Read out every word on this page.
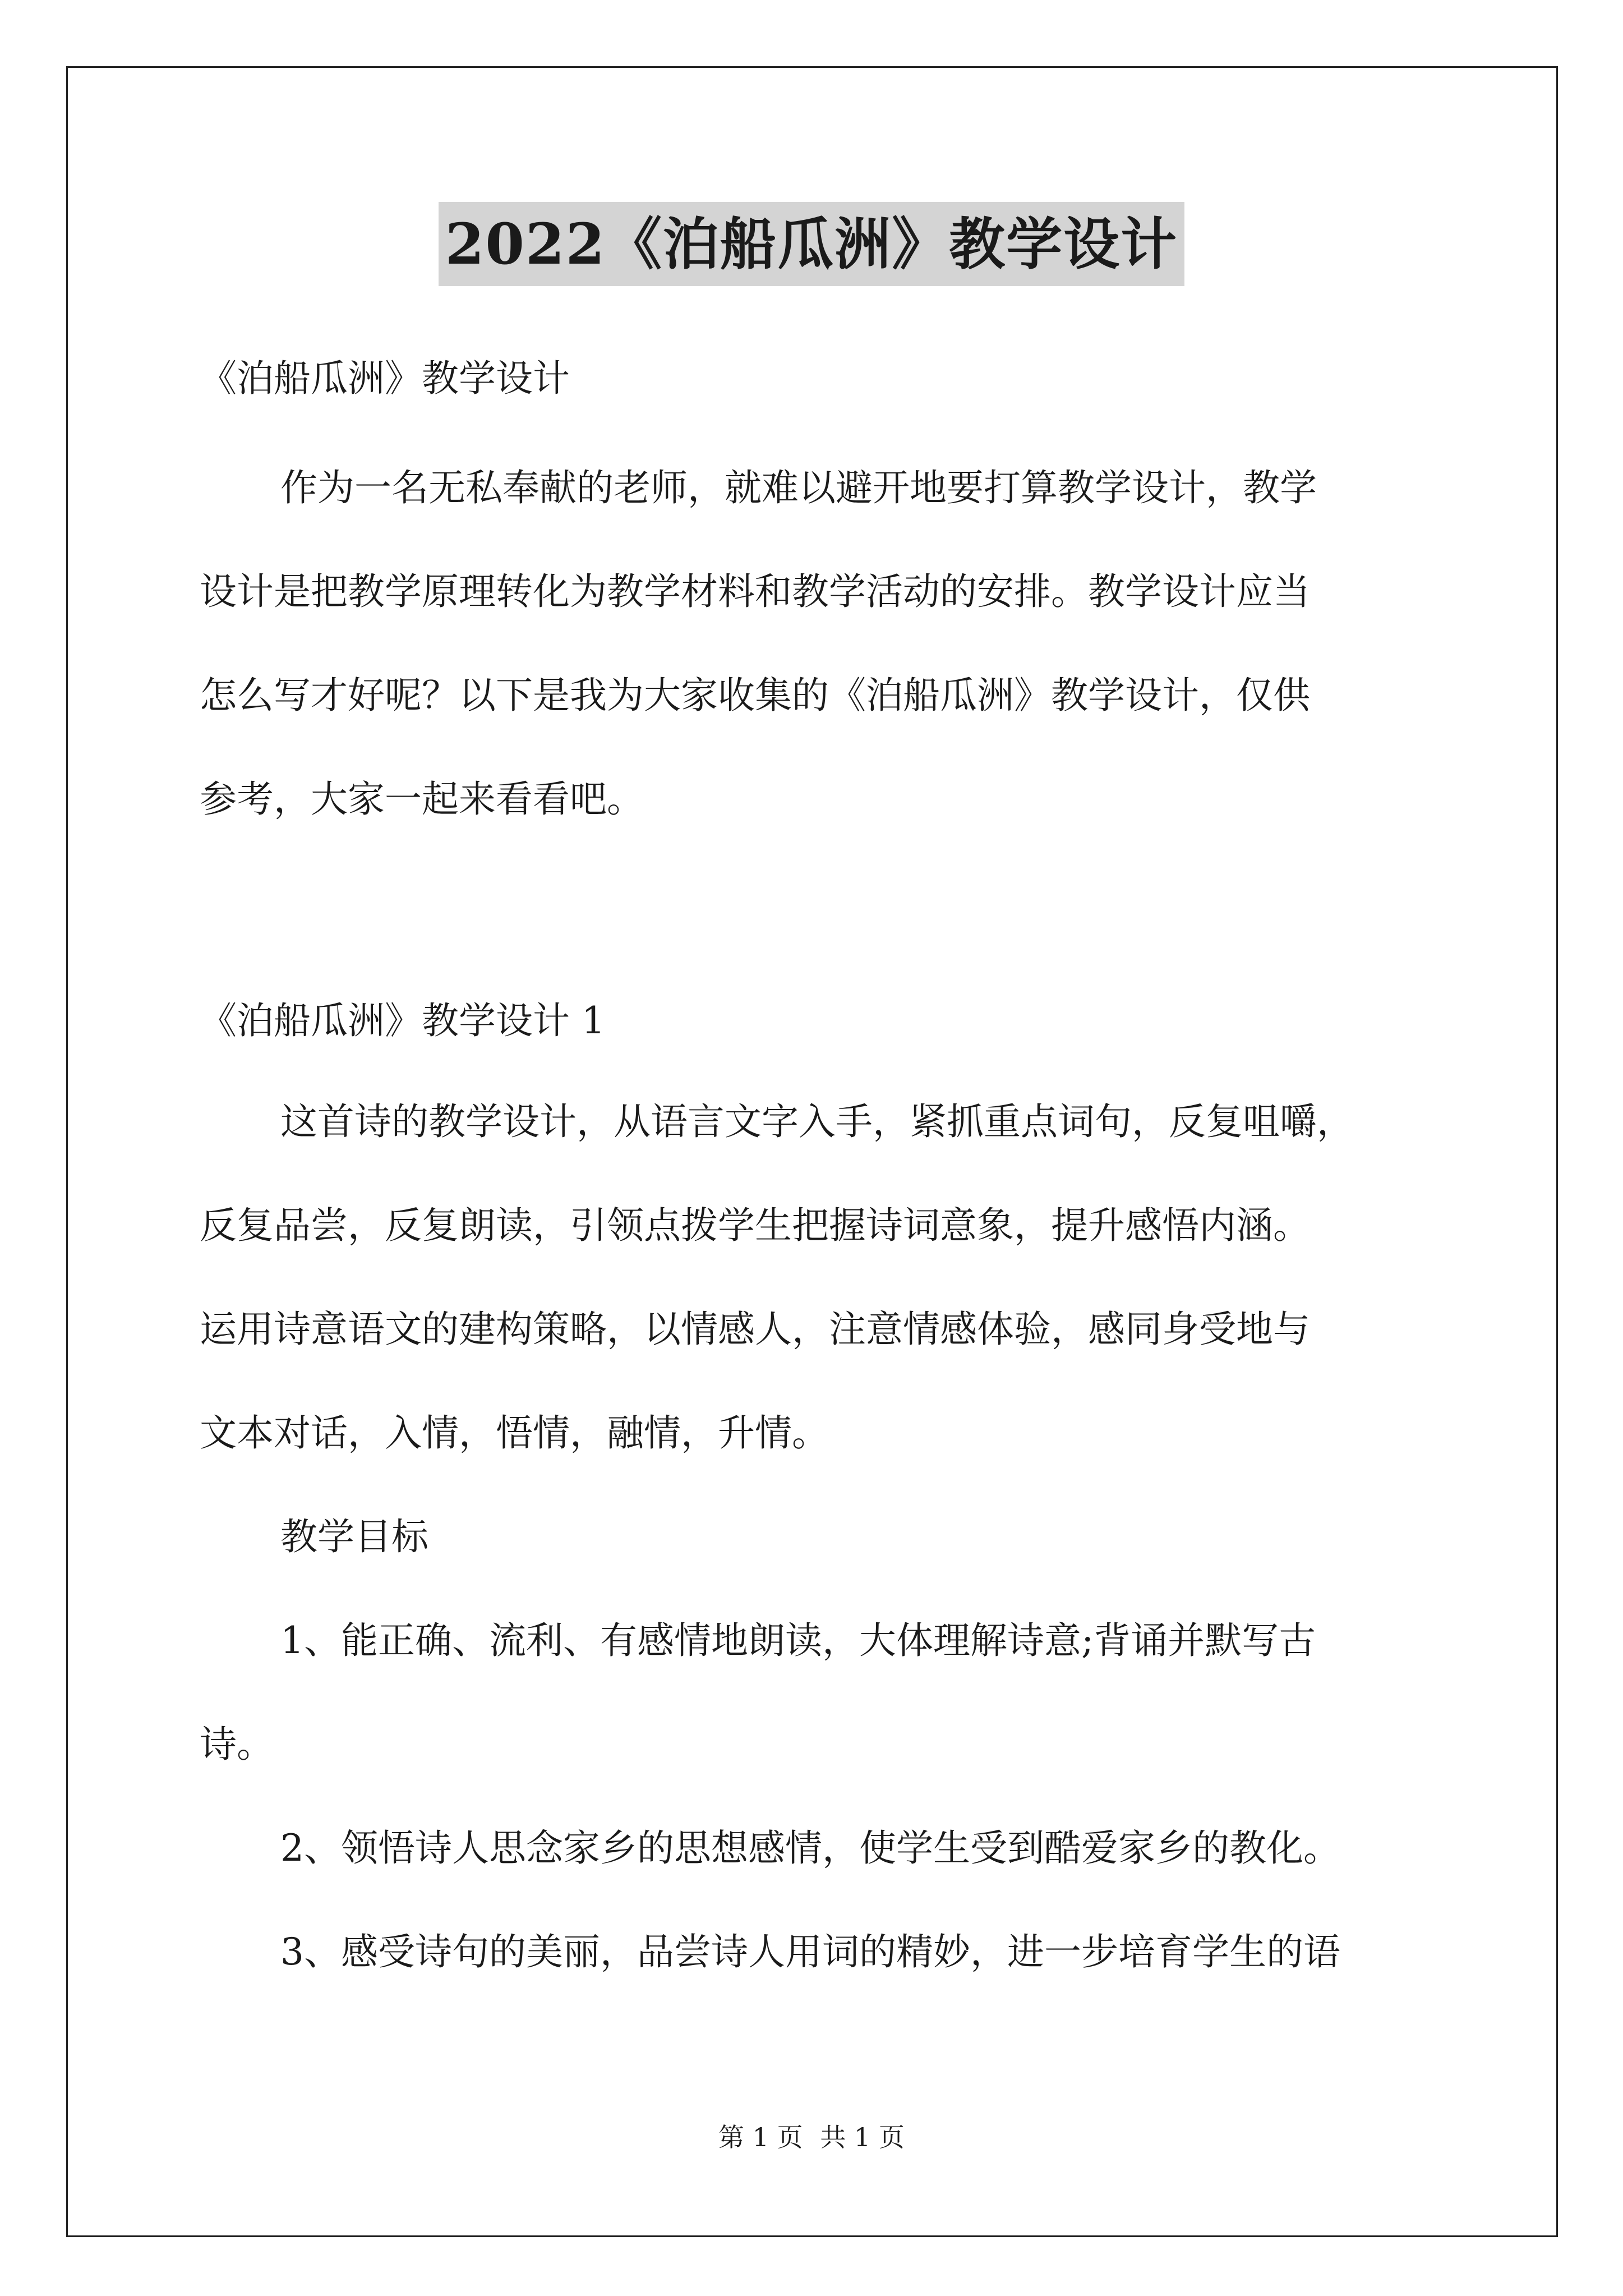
2022《泊船瓜洲》教学设计
《泊船瓜洲》教学设计
作为一名无私奉献的老师，就难以避开地要打算教学设计，教学
设计是把教学原理转化为教学材料和教学活动的安排。教学设计应当
怎么写才好呢？以下是我为大家收集的《泊船瓜洲》教学设计，仅供
参考，大家一起来看看吧。
《泊船瓜洲》教学设计 1
这首诗的教学设计，从语言文字入手，紧抓重点词句，反复咀嚼，
反复品尝，反复朗读，引领点拨学生把握诗词意象，提升感悟内涵。
运用诗意语文的建构策略，以情感人，注意情感体验，感同身受地与
文本对话，入情，悟情，融情，升情。
教学目标
1、能正确、流利、有感情地朗读，大体理解诗意;背诵并默写古
诗。
2、领悟诗人思念家乡的思想感情，使学生受到酷爱家乡的教化。
3、感受诗句的美丽，品尝诗人用词的精妙，进一步培育学生的语
第 1 页 共 1 页
